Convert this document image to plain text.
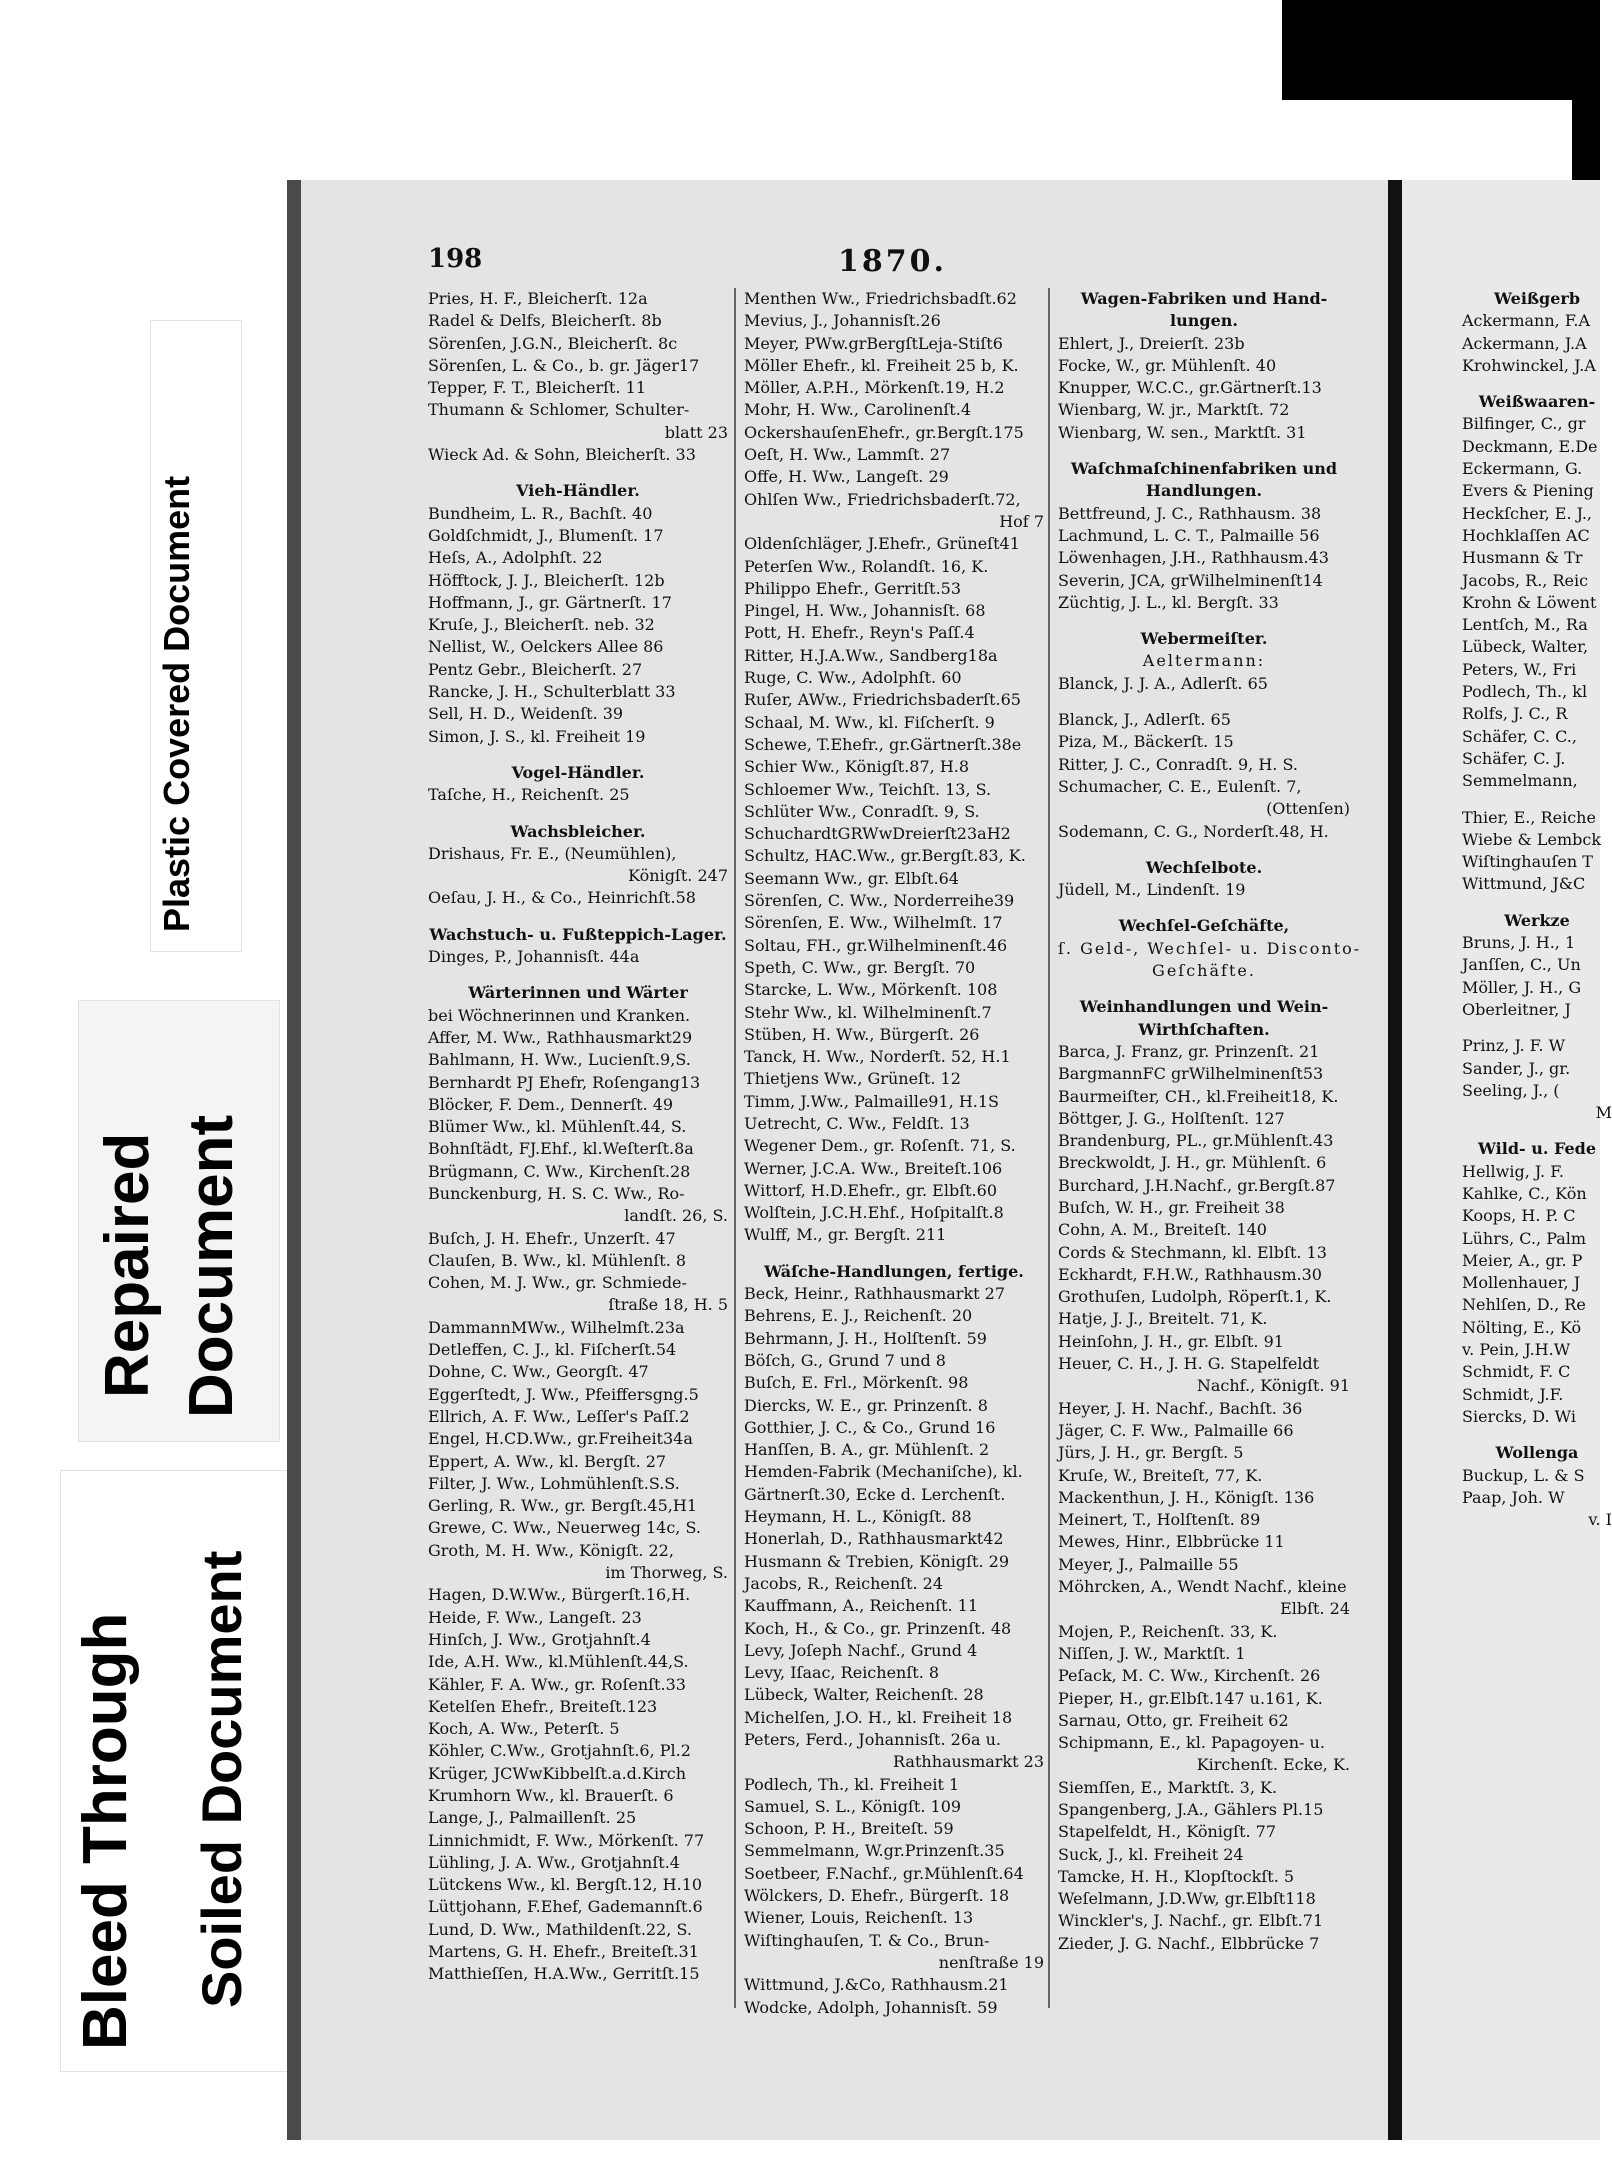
Plastic Covered Document
Repaired Document
Bleed Through Soiled Document
198	1870.
Pries, H. F., Bleicherſt. 12a
Radel & Delfs, Bleicherſt. 8b
Sörenſen, J.G.N., Bleicherſt. 8c
Sörenſen, L. & Co., b. gr. Jäger17
Tepper, F. T., Bleicherſt. 11
Thumann & Schlomer, Schulter-
blatt 23
Wieck Ad. & Sohn, Bleicherſt. 33
Vieh-Händler.
Bundheim, L. R., Bachſt. 40
Goldſchmidt, J., Blumenſt. 17
Heſs, A., Adolphſt. 22
Höfftock, J. J., Bleicherſt. 12b
Hoffmann, J., gr. Gärtnerſt. 17
Kruſe, J., Bleicherſt. neb. 32
Nellist, W., Oelckers Allee 86
Pentz Gebr., Bleicherſt. 27
Rancke, J. H., Schulterblatt 33
Sell, H. D., Weidenſt. 39
Simon, J. S., kl. Freiheit 19
Vogel-Händler.
Taſche, H., Reichenſt. 25
Wachsbleicher.
Drishaus, Fr. E., (Neumühlen),
Königſt. 247
Oeſau, J. H., & Co., Heinrichſt.58
Wachstuch- u. Fußteppich-Lager.
Dinges, P., Johannisſt. 44a
Wärterinnen und Wärter
bei Wöchnerinnen und Kranken.
Affer, M. Ww., Rathhausmarkt29
Bahlmann, H. Ww., Lucienſt.9,S.
Bernhardt PJ Ehefr, Roſengang13
Blöcker, F. Dem., Dennerſt. 49
Blümer Ww., kl. Mühlenſt.44, S.
Bohnſtädt, FJ.Ehf., kl.Weſterſt.8a
Brügmann, C. Ww., Kirchenſt.28
Bunckenburg, H. S. C. Ww., Ro-
landſt. 26, S.
Buſch, J. H. Ehefr., Unzerſt. 47
Clauſen, B. Ww., kl. Mühlenſt. 8
Cohen, M. J. Ww., gr. Schmiede-
ſtraße 18, H. 5
DammannMWw., Wilhelmſt.23a
Detleffen, C. J., kl. Fiſcherſt.54
Dohne, C. Ww., Georgſt. 47
Eggerſtedt, J. Ww., Pfeiffersgng.5
Ellrich, A. F. Ww., Leſſer's Paſſ.2
Engel, H.CD.Ww., gr.Freiheit34a
Eppert, A. Ww., kl. Bergſt. 27
Filter, J. Ww., Lohmühlenſt.S.S.
Gerling, R. Ww., gr. Bergſt.45,H1
Grewe, C. Ww., Neuerweg 14c, S.
Groth, M. H. Ww., Königſt. 22,
im Thorweg, S.
Hagen, D.W.Ww., Bürgerſt.16,H.
Heide, F. Ww., Langeſt. 23
Hinſch, J. Ww., Grotjahnſt.4
Ide, A.H. Ww., kl.Mühlenſt.44,S.
Kähler, F. A. Ww., gr. Roſenſt.33
Ketelſen Ehefr., Breiteſt.123
Koch, A. Ww., Peterſt. 5
Köhler, C.Ww., Grotjahnſt.6, Pl.2
Krüger, JCWwKibbelſt.a.d.Kirch
Krumhorn Ww., kl. Brauerſt. 6
Lange, J., Palmaillenſt. 25
Linnichmidt, F. Ww., Mörkenſt. 77
Lühling, J. A. Ww., Grotjahnſt.4
Lütckens Ww., kl. Bergſt.12, H.10
Lüttjohann, F.Ehef, Gademannſt.6
Lund, D. Ww., Mathildenſt.22, S.
Martens, G. H. Ehefr., Breiteſt.31
Matthieſſen, H.A.Ww., Gerritſt.15
Menthen Ww., Friedrichsbadſt.62
Mevius, J., Johannisſt.26
Meyer, PWw.grBergſtLeja-Stiſt6
Möller Ehefr., kl. Freiheit 25 b, K.
Möller, A.P.H., Mörkenſt.19, H.2
Mohr, H. Ww., Carolinenſt.4
OckershauſenEhefr., gr.Bergſt.175
Oeſt, H. Ww., Lammſt. 27
Offe, H. Ww., Langeſt. 29
Ohlſen Ww., Friedrichsbaderſt.72,
Hof 7
Oldenſchläger, J.Ehefr., Grüneſt41
Peterſen Ww., Rolandſt. 16, K.
Philippo Ehefr., Gerritſt.53
Pingel, H. Ww., Johannisſt. 68
Pott, H. Ehefr., Reyn's Paſſ.4
Ritter, H.J.A.Ww., Sandberg18a
Ruge, C. Ww., Adolphſt. 60
Ruſer, AWw., Friedrichsbaderſt.65
Schaal, M. Ww., kl. Fiſcherſt. 9
Schewe, T.Ehefr., gr.Gärtnerſt.38e
Schier Ww., Königſt.87, H.8
Schloemer Ww., Teichſt. 13, S.
Schlüter Ww., Conradſt. 9, S.
SchuchardtGRWwDreierſt23aH2
Schultz, HAC.Ww., gr.Bergſt.83, K.
Seemann Ww., gr. Elbſt.64
Sörenſen, C. Ww., Norderreihe39
Sörenſen, E. Ww., Wilhelmſt. 17
Soltau, FH., gr.Wilhelminenſt.46
Speth, C. Ww., gr. Bergſt. 70
Starcke, L. Ww., Mörkenſt. 108
Stehr Ww., kl. Wilhelminenſt.7
Stüben, H. Ww., Bürgerſt. 26
Tanck, H. Ww., Norderſt. 52, H.1
Thietjens Ww., Grüneſt. 12
Timm, J.Ww., Palmaille91, H.1S
Uetrecht, C. Ww., Feldſt. 13
Wegener Dem., gr. Roſenſt. 71, S.
Werner, J.C.A. Ww., Breiteſt.106
Wittorf, H.D.Ehefr., gr. Elbſt.60
Wolſtein, J.C.H.Ehf., Hoſpitalſt.8
Wulff, M., gr. Bergſt. 211
Wäſche-Handlungen, fertige.
Beck, Heinr., Rathhausmarkt 27
Behrens, E. J., Reichenſt. 20
Behrmann, J. H., Holſtenſt. 59
Böſch, G., Grund 7 und 8
Buſch, E. Frl., Mörkenſt. 98
Diercks, W. E., gr. Prinzenſt. 8
Gotthier, J. C., & Co., Grund 16
Hanſſen, B. A., gr. Mühlenſt. 2
Hemden-Fabrik (Mechaniſche), kl.
Gärtnerſt.30, Ecke d. Lerchenſt.
Heymann, H. L., Königſt. 88
Honerlah, D., Rathhausmarkt42
Husmann & Trebien, Königſt. 29
Jacobs, R., Reichenſt. 24
Kauffmann, A., Reichenſt. 11
Koch, H., & Co., gr. Prinzenſt. 48
Levy, Joſeph Nachf., Grund 4
Levy, Iſaac, Reichenſt. 8
Lübeck, Walter, Reichenſt. 28
Michelſen, J.O. H., kl. Freiheit 18
Peters, Ferd., Johannisſt. 26a u.
Rathhausmarkt 23
Podlech, Th., kl. Freiheit 1
Samuel, S. L., Königſt. 109
Schoon, P. H., Breiteſt. 59
Semmelmann, W.gr.Prinzenſt.35
Soetbeer, F.Nachf., gr.Mühlenſt.64
Wölckers, D. Ehefr., Bürgerſt. 18
Wiener, Louis, Reichenſt. 13
Wiſtinghauſen, T. & Co., Brun-
nenſtraße 19
Wittmund, J.&Co, Rathhausm.21
Wodcke, Adolph, Johannisſt. 59
Wagen-Fabriken und Hand-
lungen.
Ehlert, J., Dreierſt. 23b
Focke, W., gr. Mühlenſt. 40
Knupper, W.C.C., gr.Gärtnerſt.13
Wienbarg, W. jr., Marktſt. 72
Wienbarg, W. sen., Marktſt. 31
Waſchmaſchinenfabriken und
Handlungen.
Bettfreund, J. C., Rathhausm. 38
Lachmund, L. C. T., Palmaille 56
Löwenhagen, J.H., Rathhausm.43
Severin, JCA, grWilhelminenſt14
Züchtig, J. L., kl. Bergſt. 33
Webermeiſter.
Aeltermann:
Blanck, J. J. A., Adlerſt. 65
Blanck, J., Adlerſt. 65
Piza, M., Bäckerſt. 15
Ritter, J. C., Conradſt. 9, H. S.
Schumacher, C. E., Eulenſt. 7,
(Ottenſen)
Sodemann, C. G., Norderſt.48, H.
Wechſelbote.
Jüdell, M., Lindenſt. 19
Wechſel-Geſchäfte,
ſ. Geld-, Wechſel- u. Disconto-
Geſchäfte.
Weinhandlungen und Wein-
Wirthſchaften.
Barca, J. Franz, gr. Prinzenſt. 21
BargmannFC grWilhelminenſt53
Baurmeiſter, CH., kl.Freiheit18, K.
Böttger, J. G., Holſtenſt. 127
Brandenburg, PL., gr.Mühlenſt.43
Breckwoldt, J. H., gr. Mühlenſt. 6
Burchard, J.H.Nachf., gr.Bergſt.87
Buſch, W. H., gr. Freiheit 38
Cohn, A. M., Breiteſt. 140
Cords & Stechmann, kl. Elbſt. 13
Eckhardt, F.H.W., Rathhausm.30
Grothuſen, Ludolph, Röperſt.1, K.
Hatje, J. J., Breitelt. 71, K.
Heinſohn, J. H., gr. Elbſt. 91
Heuer, C. H., J. H. G. Stapelfeldt
Nachf., Königſt. 91
Heyer, J. H. Nachf., Bachſt. 36
Jäger, C. F. Ww., Palmaille 66
Jürs, J. H., gr. Bergſt. 5
Kruſe, W., Breiteſt, 77, K.
Mackenthun, J. H., Königſt. 136
Meinert, T., Holſtenſt. 89
Mewes, Hinr., Elbbrücke 11
Meyer, J., Palmaille 55
Möhrcken, A., Wendt Nachf., kleine
Elbſt. 24
Mojen, P., Reichenſt. 33, K.
Niſſen, J. W., Marktſt. 1
Peſack, M. C. Ww., Kirchenſt. 26
Pieper, H., gr.Elbſt.147 u.161, K.
Sarnau, Otto, gr. Freiheit 62
Schipmann, E., kl. Papagoyen- u.
Kirchenſt. Ecke, K.
Siemſſen, E., Marktſt. 3, K.
Spangenberg, J.A., Gählers Pl.15
Stapelfeldt, H., Königſt. 77
Suck, J., kl. Freiheit 24
Tamcke, H. H., Klopſtockſt. 5
Weſelmann, J.D.Ww, gr.Elbſt118
Winckler's, J. Nachf., gr. Elbſt.71
Zieder, J. G. Nachf., Elbbrücke 7
Weißgerb
Ackermann, F.A
Ackermann, J.A
Krohwinckel, J.A
Weißwaaren-
Bilfinger, C., gr
Deckmann, E.De
Eckermann, G.
Evers & Piening
Heckſcher, E. J.,
Hochklaſſen AC
Husmann & Tr
Jacobs, R., Reic
Krohn & Löwent
Lentſch, M., Ra
Lübeck, Walter,
Peters, W., Fri
Podlech, Th., kl
Rolfs, J. C., R
Schäfer, C. C.,
Schäfer, C. J.
Semmelmann,
Thier, E., Reiche
Wiebe & Lembck
Wiſtinghauſen T
Wittmund, J&C
Werkze
Bruns, J. H., 1
Janſſen, C., Un
Möller, J. H., G
Oberleitner, J
Prinz, J. F. W
Sander, J., gr.
Seeling, J., (
M
Wild- u. Fede
Hellwig, J. F.
Kahlke, C., Kön
Koops, H. P. C
Lührs, C., Palm
Meier, A., gr. P
Mollenhauer, J
Nehlſen, D., Re
Nölting, E., Kö
v. Pein, J.H.W
Schmidt, F. C
Schmidt, J.F.
Siercks, D. Wi
Wollenga
Buckup, L. & S
Paap, Joh. W
v. I
